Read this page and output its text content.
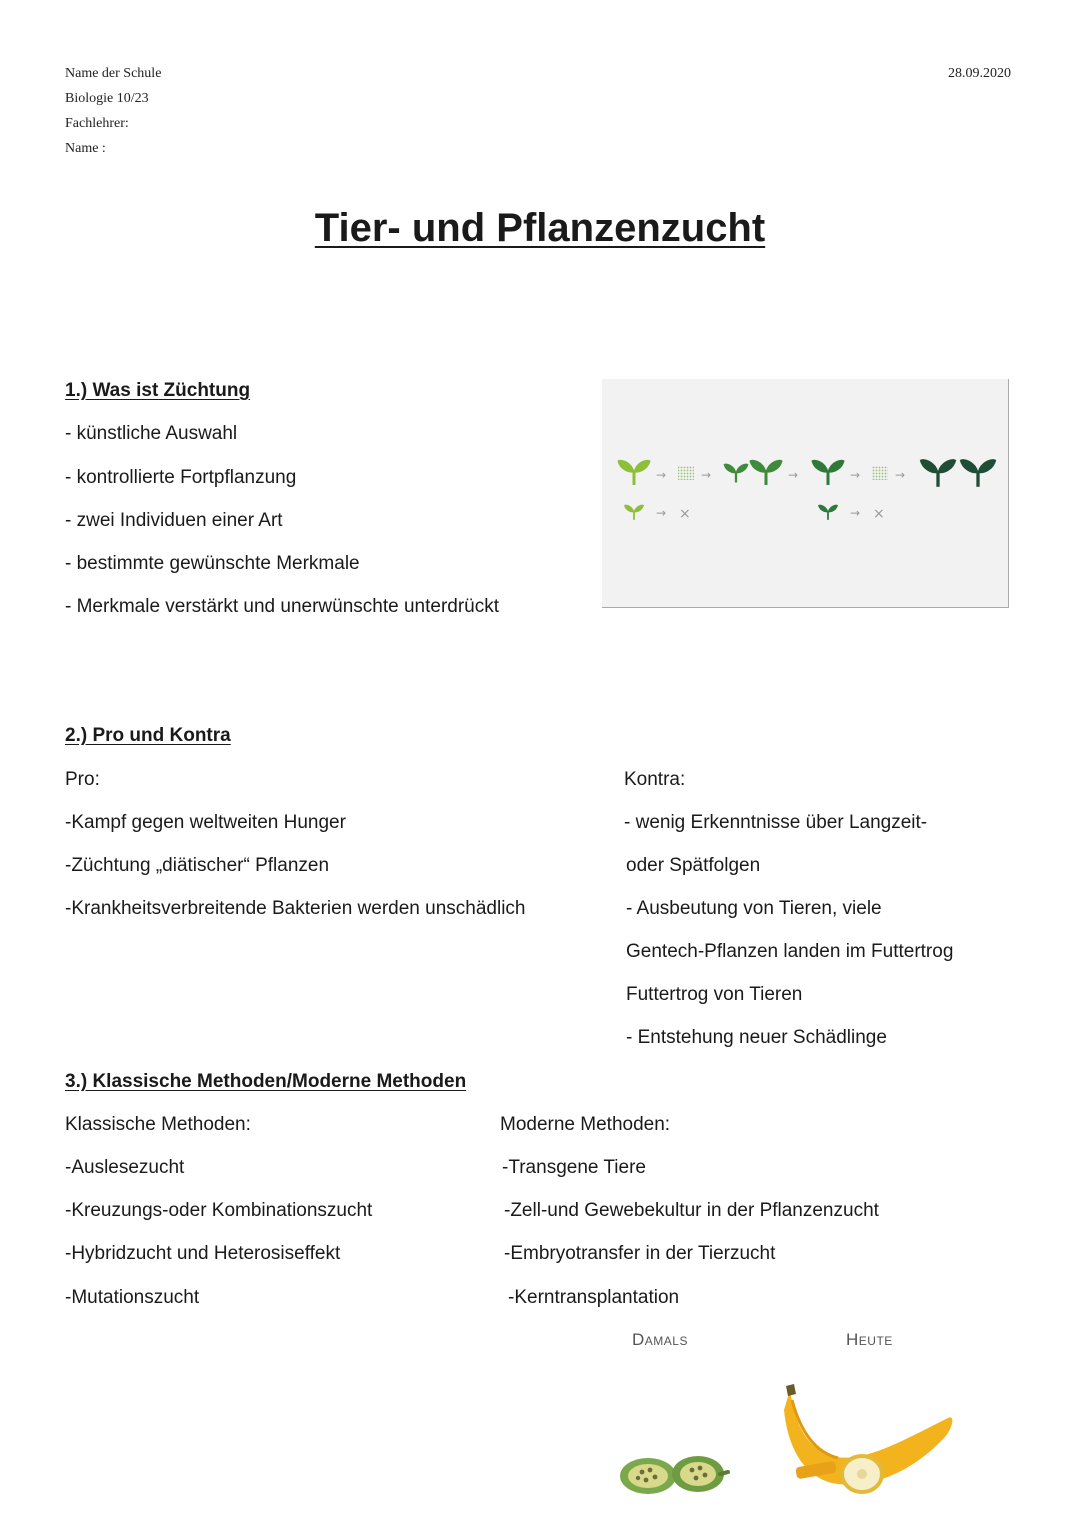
Name der Schule
Biologie 10/23
Fachlehrer:
Name :
28.09.2020
Tier- und Pflanzenzucht
1.) Was ist Züchtung
- künstliche Auswahl
- kontrollierte Fortpflanzung
- zwei Individuen einer Art
- bestimmte gewünschte Merkmale
- Merkmale verstärkt und unerwünschte unterdrückt
→	→	→	→	→
→ ×	→ ×
2.) Pro und Kontra
Pro:
-Kampf gegen weltweiten Hunger
-Züchtung „diätischer“ Pflanzen
-Krankheitsverbreitende Bakterien werden unschädlich
Kontra:
- wenig Erkenntnisse über Langzeit-
oder Spätfolgen
- Ausbeutung von Tieren, viele
Gentech-Pflanzen landen im Futtertrog
Futtertrog von Tieren
- Entstehung neuer Schädlinge
3.) Klassische Methoden/Moderne Methoden
Klassische Methoden:
-Auslesezucht
-Kreuzungs-oder Kombinationszucht
-Hybridzucht und Heterosiseffekt
-Mutationszucht
Moderne Methoden:
-Transgene Tiere
-Zell-und Gewebekultur in der Pflanzenzucht
-Embryotransfer in der Tierzucht
-Kerntransplantation
Damals	Heute
